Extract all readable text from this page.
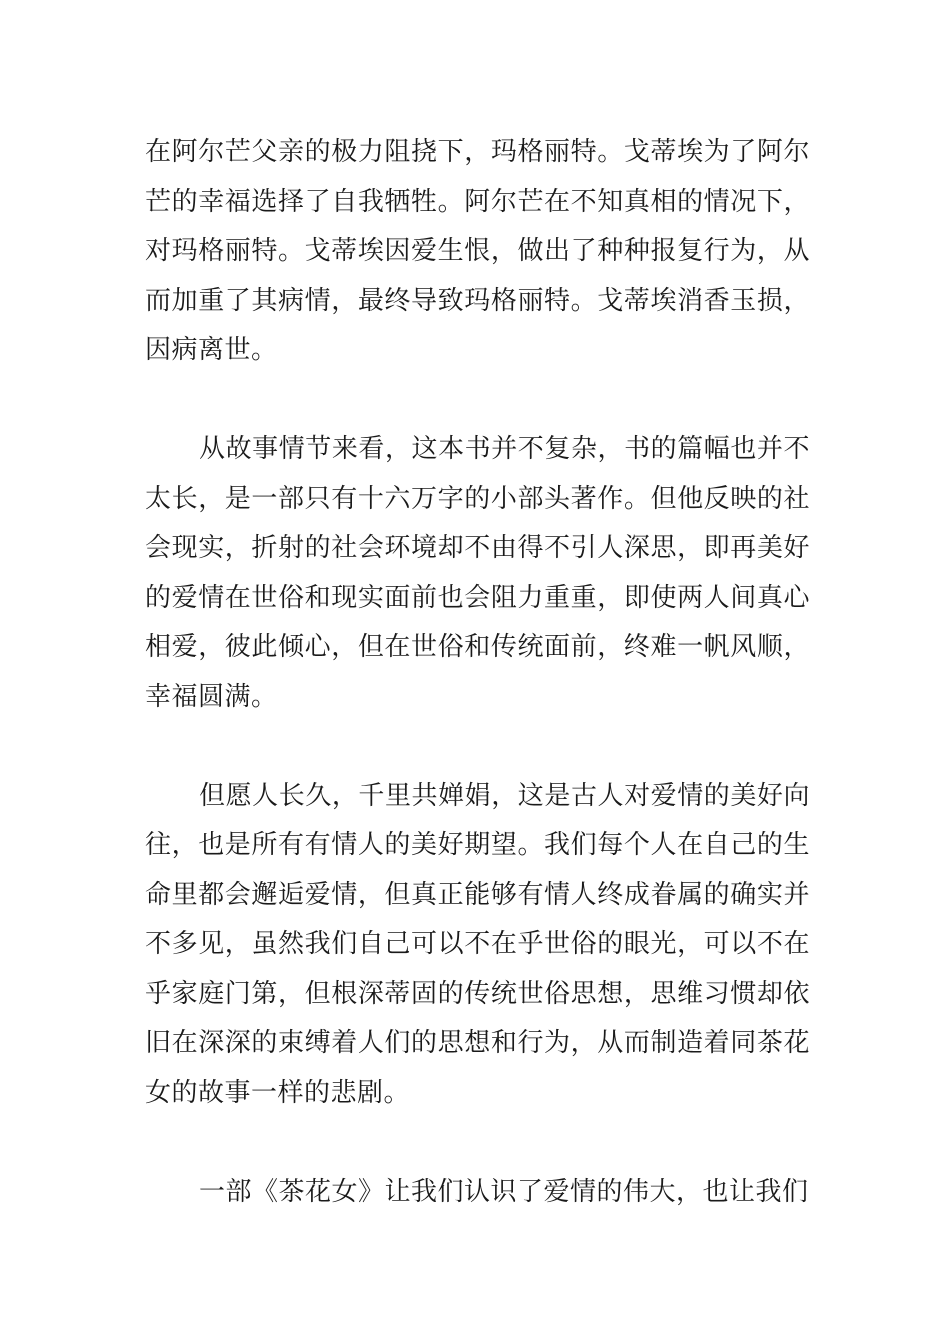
在阿尔芒父亲的极力阻挠下，玛格丽特。戈蒂埃为了阿尔芒的幸福选择了自我牺牲。阿尔芒在不知真相的情况下，对玛格丽特。戈蒂埃因爱生恨，做出了种种报复行为，从而加重了其病情，最终导致玛格丽特。戈蒂埃消香玉损，因病离世。

从故事情节来看，这本书并不复杂，书的篇幅也并不太长，是一部只有十六万字的小部头著作。但他反映的社会现实，折射的社会环境却不由得不引人深思，即再美好的爱情在世俗和现实面前也会阻力重重，即使两人间真心相爱，彼此倾心，但在世俗和传统面前，终难一帆风顺，幸福圆满。

但愿人长久，千里共婵娟，这是古人对爱情的美好向往，也是所有有情人的美好期望。我们每个人在自己的生命里都会邂逅爱情，但真正能够有情人终成眷属的确实并不多见，虽然我们自己可以不在乎世俗的眼光，可以不在乎家庭门第，但根深蒂固的传统世俗思想，思维习惯却依旧在深深的束缚着人们的思想和行为，从而制造着同茶花女的故事一样的悲剧。

一部《茶花女》让我们认识了爱情的伟大，也让我们
